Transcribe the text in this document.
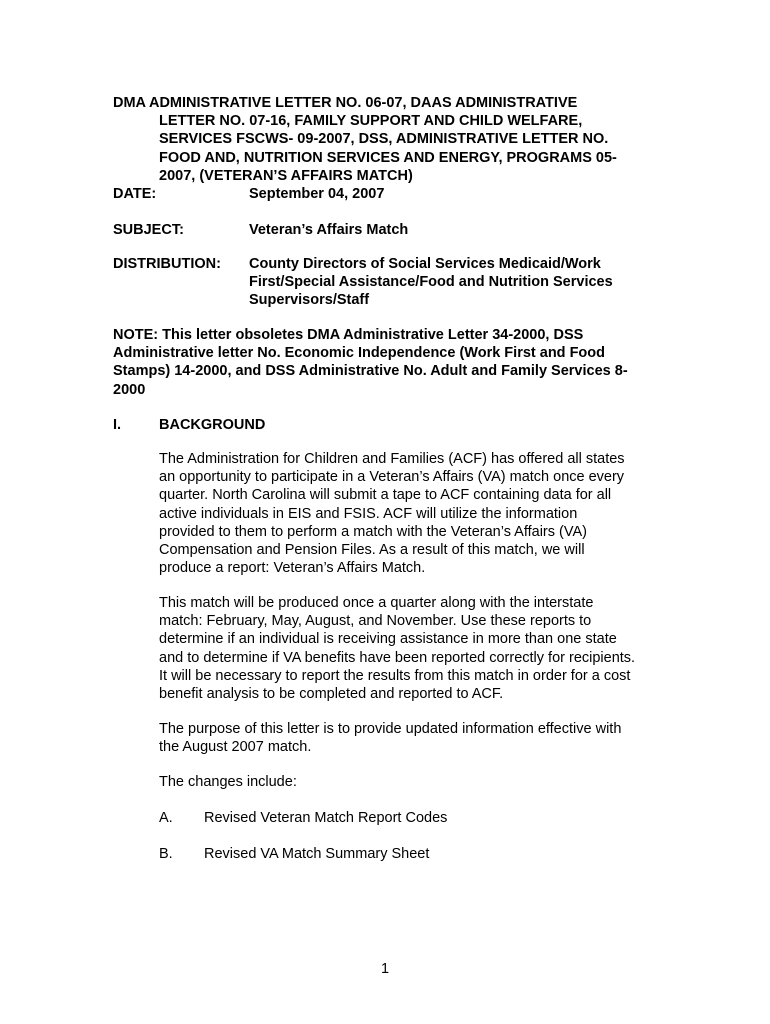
DMA ADMINISTRATIVE LETTER NO. 06-07, DAAS ADMINISTRATIVE
LETTER NO. 07-16, FAMILY SUPPORT AND CHILD WELFARE,
SERVICES FSCWS- 09-2007, DSS, ADMINISTRATIVE LETTER NO.
FOOD AND, NUTRITION SERVICES AND ENERGY, PROGRAMS 05-
2007, (VETERAN’S AFFAIRS MATCH)
DATE:	September 04, 2007
SUBJECT:	Veteran’s Affairs Match
DISTRIBUTION: County Directors of Social Services Medicaid/Work
First/Special Assistance/Food and Nutrition Services
Supervisors/Staff
NOTE: This letter obsoletes DMA Administrative Letter 34-2000, DSS
Administrative letter No. Economic Independence (Work First and Food
Stamps) 14-2000, and DSS Administrative No. Adult and Family Services 8-
2000
I.	BACKGROUND
The Administration for Children and Families (ACF) has offered all states
an opportunity to participate in a Veteran’s Affairs (VA) match once every
quarter. North Carolina will submit a tape to ACF containing data for all
active individuals in EIS and FSIS. ACF will utilize the information
provided to them to perform a match with the Veteran’s Affairs (VA)
Compensation and Pension Files. As a result of this match, we will
produce a report: Veteran’s Affairs Match.
This match will be produced once a quarter along with the interstate
match: February, May, August, and November. Use these reports to
determine if an individual is receiving assistance in more than one state
and to determine if VA benefits have been reported correctly for recipients.
It will be necessary to report the results from this match in order for a cost
benefit analysis to be completed and reported to ACF.
The purpose of this letter is to provide updated information effective with
the August 2007 match.
The changes include:
A. Revised Veteran Match Report Codes
B. Revised VA Match Summary Sheet
1
